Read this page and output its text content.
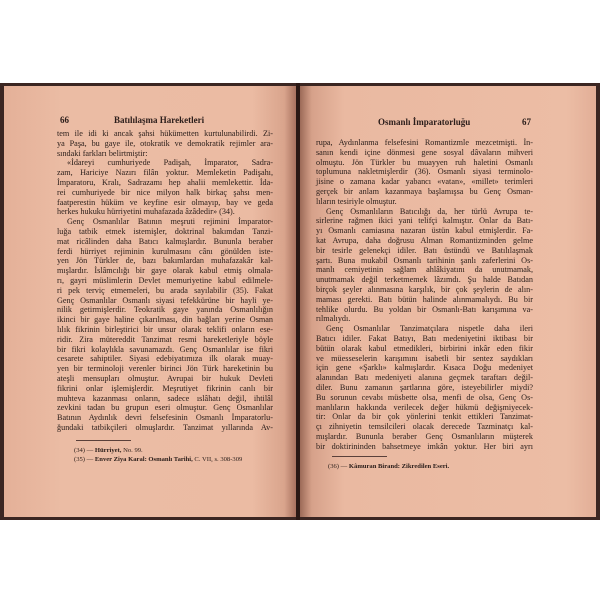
66	Batılılaşma Hareketleri
tem ile idi ki ancak şahsi hükümetten kurtulunabilirdi. Zi-
ya Paşa, bu gaye ile, otokratik ve demokratik rejimler ara-
sındaki farkları belirtmiştir:
«İdareyi cumhuriyede Padişah, İmparator, Sadra-
zam, Hariciye Nazırı filân yoktur. Memleketin Padişahı,
İmparatoru, Kralı, Sadrazamı hep ahalii memlekettir. İda-
rei cumhuriyede bir nice milyon halk birkaç şahsı men-
faatperestin hüküm ve keyfine esir olmayıp, bay ve geda
herkes hukuku hürriyetini muhafazada âzâdedir» (34).
Genç Osmanlılar Batının meşruti rejimini İmparator-
luğa tatbik etmek istemişler, doktrinal bakımdan Tanzi-
mat ricâlinden daha Batıcı kalmışlardır. Bununla beraber
ferdi hürriyet rejiminin kurulmasını cânı gönülden iste-
yen Jön Türkler de, bazı bakımlardan muhafazakâr kal-
mışlardır. İslâmcılığı bir gaye olarak kabul etmiş olmala-
rı, gayri müslimlerin Devlet memuriyetine kabul edilmele-
ri pek terviç etmemeleri, bu arada sayılabilir (35). Fakat
Genç Osmanlılar Osmanlı siyasi tefekkürüne bir hayli ye-
nilik getirmişlerdir. Teokratik gaye yanında Osmanlılığın
ikinci bir gaye haline çıkarılması, din bağları yerine Osman
lılık fikrinin birleştirici bir unsur olarak teklifi onların ese-
ridir. Zira mütereddit Tanzimat resmi hareketleriyle böyle
bir fikri kolaylıkla savunamazdı. Genç Osmanlılar ise fikri
cesarete sahiptiler. Siyasi edebiyatımıza ilk olarak muay-
yen bir terminoloji verenler birinci Jön Türk hareketinin bu
ateşli mensupları olmuştur. Avrupai bir hukuk Devleti
fikrini onlar işlemişlerdir. Meşrutiyet fikrinin canlı bir
muhteva kazanması onların, sadece ıslâhatı değil, ihtilâl
zevkini tadan bu grupun eseri olmuştur. Genç Osmanlılar
Batının Aydınlık devri felsefesinin Osmanlı İmparatorlu-
ğundaki tatbikçileri olmuşlardır. Tanzimat yıllarında Av-
(34) — Hürriyet, No. 99.
(35) — Enver Ziya Karal: Osmanlı Tarihi, C. VII, s. 308-309
Osmanlı İmparatorluğu	67
rupa, Aydınlanma felsefesini Romantizmle mezcetmişti. İn-
sanın kendi içine dönmesi gene sosyal dâvaların mihveri
olmuştu. Jön Türkler bu muayyen ruh haletini Osmanlı
toplumuna nakletmişlerdir (36). Osmanlı siyasi terminolo-
jisine o zamana kadar yabancı «vatan», «millet» terimleri
gerçek bir anlam kazanmaya başlamışsa bu Genç Osman-
lıların tesiriyle olmuştur.
Genç Osmanlıların Batıcılığı da, her türlü Avrupa te-
sirlerine rağmen ikici yani telifçi kalmıştır. Onlar da Batı-
yı Osmanlı camiasına nazaran üstün kabul etmişlerdir. Fa-
kat Avrupa, daha doğrusu Alman Romantizminden gelme
bir tesirle gelenekçi idiler. Batı üstündü ve Batılılaşmak
şartı. Buna mukabil Osmanlı tarihinin şanlı zaferlerini Os-
manlı cemiyetinin sağlam ahlâkiyatını da unutmamak,
unutmamak değil terketmemek lâzımdı. Şu halde Batıdan
birçok şeyler alınmasına karşılık, bir çok şeylerin de alın-
maması gerekti. Batı bütün halinde alınmamalıydı. Bu bir
tehlike olurdu. Bu yoldan bir Osmanlı-Batı karışımına va-
rılmalıydı.
Genç Osmanlılar Tanzimatçılara nispetle daha ileri
Batıcı idiler. Fakat Batıyı, Batı medeniyetini iktibası bir
bütün olarak kabul etmedikleri, birbirini inkâr eden fikir
ve müesseselerin karışımını isabetli bir sentez saydıkları
için gene «Şarklı» kalmışlardır. Kısaca Doğu medeniyet
alanından Batı medeniyeti alanına geçmek taraftarı değil-
diler. Bunu zamanın şartlarına göre, isteyebilirler miydi?
Bu sorunun cevabı müsbette olsa, menfi de olsa, Genç Os-
manlıların hakkında verilecek değer hükmü değişmiyecek-
tir: Onlar da bir çok yönlerini tenkit ettikleri Tanzimat-
çı zihniyetin temsilcileri olacak derecede Tazminatçı kal-
mışlardır. Bununla beraber Genç Osmanlıların müşterek
bir doktirininden bahsetmeye imkân yoktur. Her biri ayrı
(36) — Kâmuran Birand: Zikredilen Eseri.
